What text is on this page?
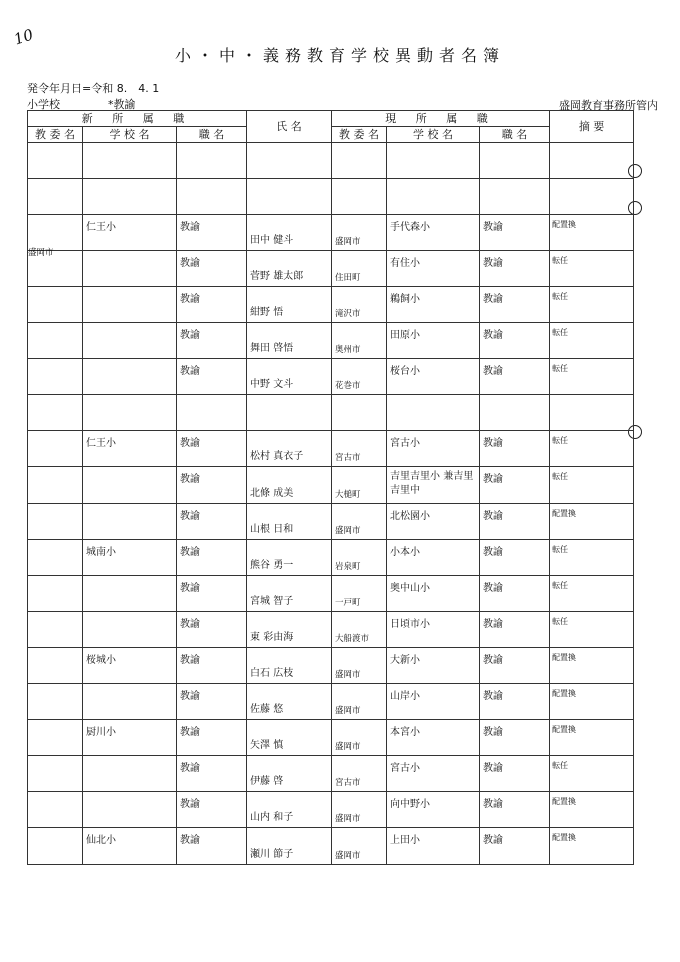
10
小・中・義務教育学校異動者名簿
発令年月日=令和 8.　4. 1
小学校	*教諭	盛岡教育事務所管内
新 所 属 職			氏 名	現 所 属 職			摘 要
教 委 名	学 校 名	職 名		教 委 名	学 校 名	職 名	

盛岡市	仁王小	教諭	田中 健斗	盛岡市	手代森小	教諭	配置換

		教諭	菅野 雄太郎	住田町	有住小	教諭	転任

		教諭	紺野 悟	滝沢市	鵜飼小	教諭	転任

		教諭	舞田 啓悟	奥州市	田原小	教諭	転任

		教諭	中野 文斗	花巻市	桜台小	教諭	転任

	仁王小	教諭	松村 真衣子	宮古市	宮古小	教諭	転任

		教諭	北條 成美	大槌町	吉里吉里小 兼吉里吉里中	教諭	転任

		教諭	山根 日和	盛岡市	北松園小	教諭	配置換

	城南小	教諭	熊谷 勇一	岩泉町	小本小	教諭	転任

		教諭	宮城 智子	一戸町	奥中山小	教諭	転任

		教諭	東 彩由海	大船渡市	日頃市小	教諭	転任

	桜城小	教諭	白石 広枝	盛岡市	大新小	教諭	配置換

		教諭	佐藤 悠	盛岡市	山岸小	教諭	配置換

	厨川小	教諭	矢澤 慎	盛岡市	本宮小	教諭	配置換

		教諭	伊藤 啓	宮古市	宮古小	教諭	転任

		教諭	山内 和子	盛岡市	向中野小	教諭	配置換

	仙北小	教諭	瀬川 節子	盛岡市	上田小	教諭	配置換
